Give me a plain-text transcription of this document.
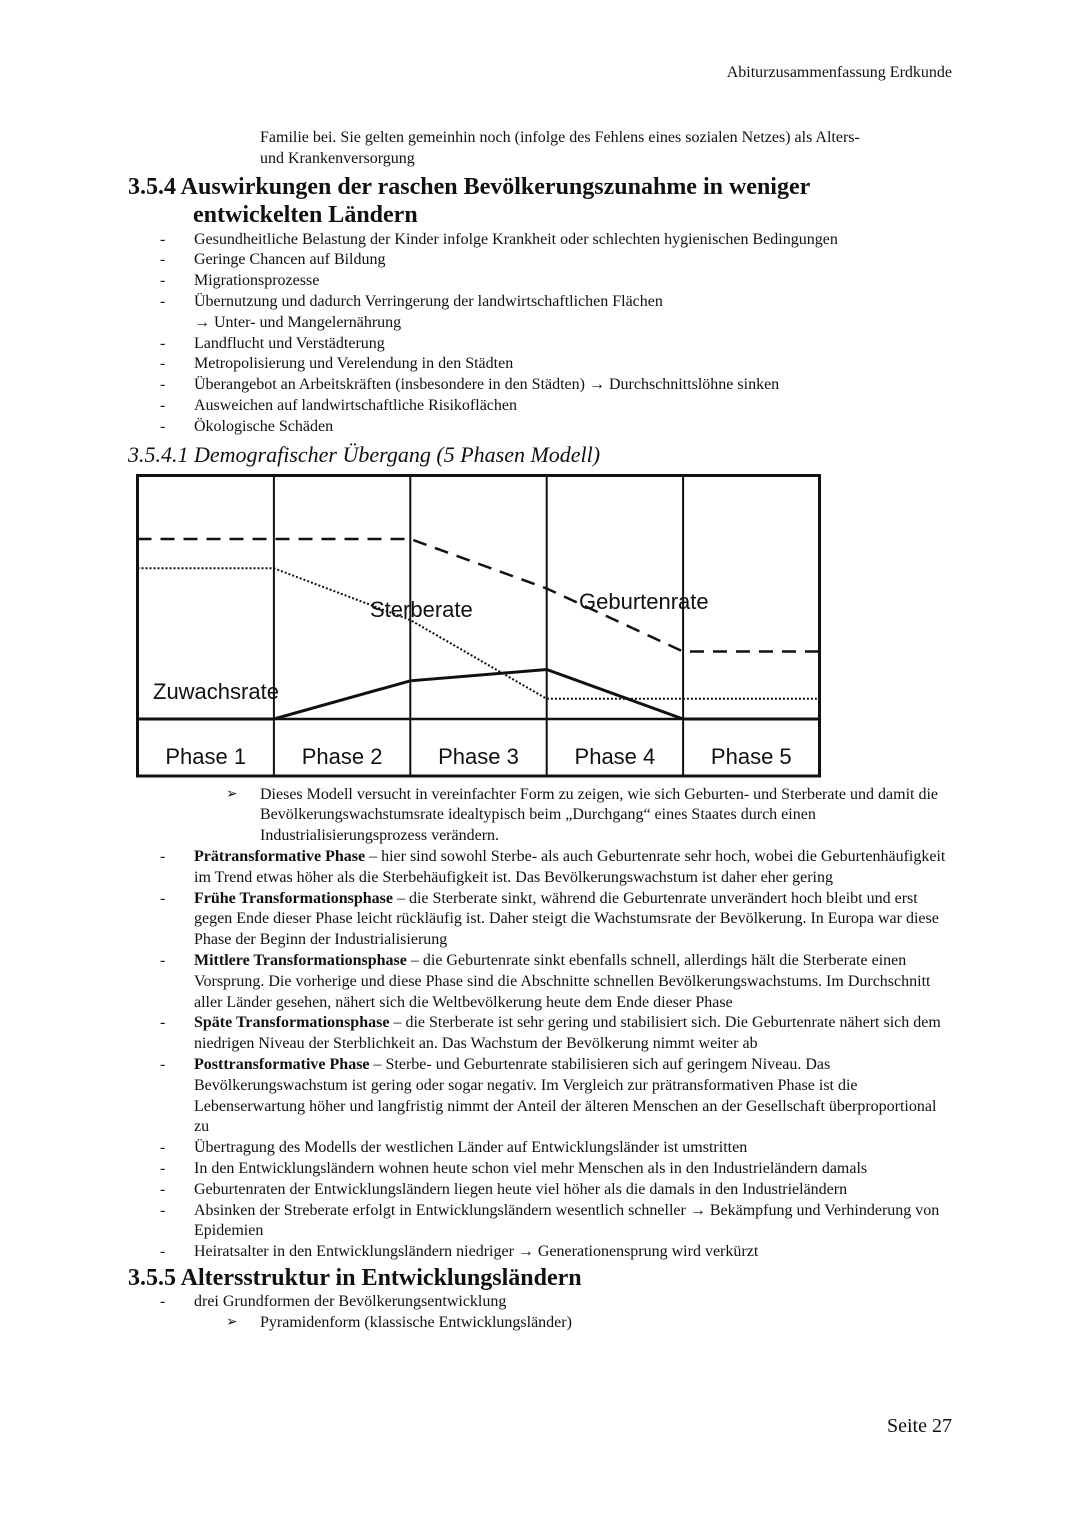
Abiturzusammenfassung Erdkunde
Familie bei. Sie gelten gemeinhin noch (infolge des Fehlens eines sozialen Netzes) als Alters-
und Krankenversorgung
3.5.4 Auswirkungen der raschen Bevölkerungszunahme in weniger
entwickelten Ländern
- Gesundheitliche Belastung der Kinder infolge Krankheit oder schlechten hygienischen Bedingungen
- Geringe Chancen auf Bildung
- Migrationsprozesse
- Übernutzung und dadurch Verringerung der landwirtschaftlichen Flächen
→ Unter- und Mangelernährung
- Landflucht und Verstädterung
- Metropolisierung und Verelendung in den Städten
- Überangebot an Arbeitskräften (insbesondere in den Städten) → Durchschnittslöhne sinken
- Ausweichen auf landwirtschaftliche Risikoflächen
- Ökologische Schäden
3.5.4.1 Demografischer Übergang (5 Phasen Modell)
Geburtenrate
Sterberate
Zuwachsrate
Phase 1	Phase 2	Phase 3	Phase 4	Phase 5
➢ Dieses Modell versucht in vereinfachter Form zu zeigen, wie sich Geburten- und Sterberate und damit die Bevölkerungswachstumsrate idealtypisch beim „Durchgang“ eines Staates durch einen Industrialisierungsprozess verändern.
- Prätransformative Phase – hier sind sowohl Sterbe- als auch Geburtenrate sehr hoch, wobei die Geburtenhäufigkeit im Trend etwas höher als die Sterbehäufigkeit ist. Das Bevölkerungswachstum ist daher eher gering
- Frühe Transformationsphase – die Sterberate sinkt, während die Geburtenrate unverändert hoch bleibt und erst gegen Ende dieser Phase leicht rückläufig ist. Daher steigt die Wachstumsrate der Bevölkerung. In Europa war diese Phase der Beginn der Industrialisierung
- Mittlere Transformationsphase – die Geburtenrate sinkt ebenfalls schnell, allerdings hält die Sterberate einen Vorsprung. Die vorherige und diese Phase sind die Abschnitte schnellen Bevölkerungswachstums. Im Durchschnitt aller Länder gesehen, nähert sich die Weltbevölkerung heute dem Ende dieser Phase
- Späte Transformationsphase – die Sterberate ist sehr gering und stabilisiert sich. Die Geburtenrate nähert sich dem niedrigen Niveau der Sterblichkeit an. Das Wachstum der Bevölkerung nimmt weiter ab
- Posttransformative Phase – Sterbe- und Geburtenrate stabilisieren sich auf geringem Niveau. Das Bevölkerungswachstum ist gering oder sogar negativ. Im Vergleich zur prätransformativen Phase ist die Lebenserwartung höher und langfristig nimmt der Anteil der älteren Menschen an der Gesellschaft überproportional zu
- Übertragung des Modells der westlichen Länder auf Entwicklungsländer ist umstritten
- In den Entwicklungsländern wohnen heute schon viel mehr Menschen als in den Industrieländern damals
- Geburtenraten der Entwicklungsländern liegen heute viel höher als die damals in den Industrieländern
- Absinken der Streberate erfolgt in Entwicklungsländern wesentlich schneller → Bekämpfung und Verhinderung von Epidemien
- Heiratsalter in den Entwicklungsländern niedriger → Generationensprung wird verkürzt
3.5.5 Altersstruktur in Entwicklungsländern
- drei Grundformen der Bevölkerungsentwicklung
➢ Pyramidenform (klassische Entwicklungsländer)
Seite 27
